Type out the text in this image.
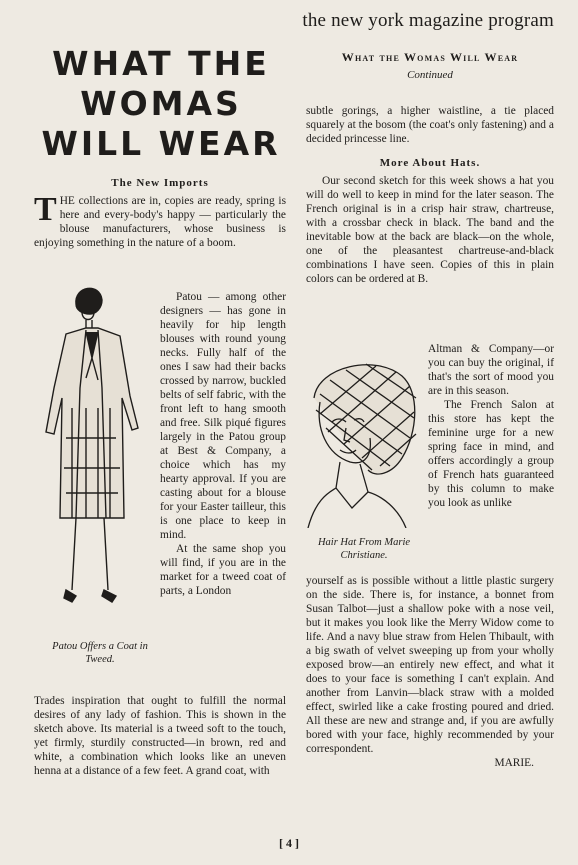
the new york magazine program
WHAT THE
WOMAS
WILL WEAR

The New Imports

THE collections are in, copies are ready, spring is here and every-body's happy — particularly the blouse manufacturers, whose business is enjoying something in the nature of a boom.

Patou Offers a Coat in Tweed.

Patou — among other designers — has gone in heavily for hip length blouses with round young necks. Fully half of the ones I saw had their backs crossed by narrow, buckled belts of self fabric, with the front left to hang smooth and free. Silk piqué figures largely in the Patou group at Best & Company, a choice which has my hearty approval. If you are casting about for a blouse for your Easter tailleur, this is one place to keep in mind.

At the same shop you will find, if you are in the market for a tweed coat of parts, a London

Trades inspiration that ought to fulfill the normal desires of any lady of fashion. This is shown in the sketch above. Its material is a tweed soft to the touch, yet firmly, sturdily constructed—in brown, red and white, a combination which looks like an uneven henna at a distance of a few feet. A grand coat, with

What the Womas Will Wear
Continued

subtle gorings, a higher waistline, a tie placed squarely at the bosom (the coat's only fastening) and a decided princesse line.

More About Hats.

Our second sketch for this week shows a hat you will do well to keep in mind for the later season. The French original is in a crisp hair straw, chartreuse, with a crossbar check in black. The band and the inevitable bow at the back are black—on the whole, one of the pleasantest chartreuse-and-black combinations I have seen. Copies of this in plain colors can be ordered at B.

Hair Hat From Marie Christiane.

Altman & Company—or you can buy the original, if that's the sort of mood you are in this season.

The French Salon at this store has kept the feminine urge for a new spring face in mind, and offers accordingly a group of French hats guaranteed by this column to make you look as unlike

yourself as is possible without a little plastic surgery on the side. There is, for instance, a bonnet from Susan Talbot—just a shallow poke with a nose veil, but it makes you look like the Merry Widow come to life. And a navy blue straw from Helen Thibault, with a big swath of velvet sweeping up from your wholly exposed brow—an entirely new effect, and what it does to your face is something I can't explain. And another from Lanvin—black straw with a molded effect, swirled like a cake frosting poured and dried. All these are new and strange and, if you are awfully bored with your face, highly recommended by your correspondent.

MARIE.

[ 4 ]
